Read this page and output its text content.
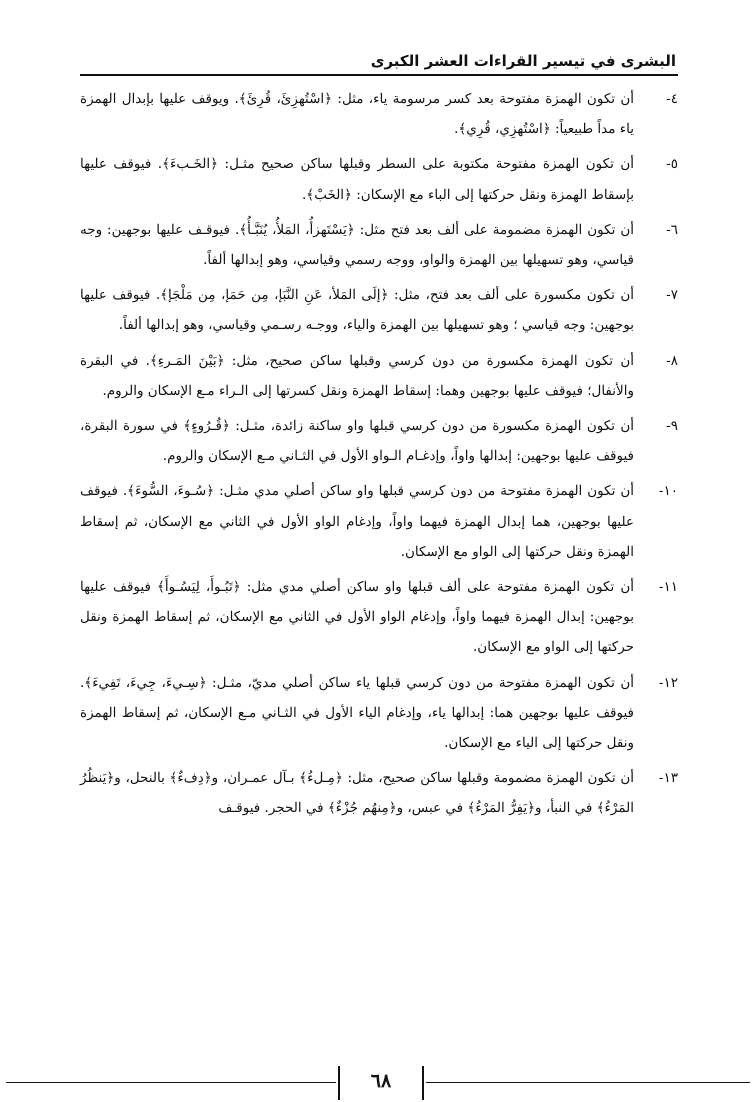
البشرى في تيسير القراءات العشر الكبرى
٤-
أن تكون الهمزة مفتوحة بعد كسر مرسومة ياء، مثل: ﴿اسْتُهزِئَ، قُرِئَ﴾. ويوقف عليها بإبدال الهمزة ياء مداً طبيعياً: ﴿اسْتُهزِي، قُرِي﴾.
٥-
أن تكون الهمزة مفتوحة مكتوبة على السطر وقبلها ساكن صحيح مثـل: ﴿الخَـبءَ﴾. فيوقف عليها بإسقاط الهمزة ونقل حركتها إلى الباء مع الإسكان: ﴿الخَبْ﴾.
٦-
أن تكون الهمزة مضمومة على ألف بعد فتح مثل: ﴿يَسْتَهزأُ، المَلأُ، يُنَبَّـأُ﴾. فيوقـف عليها بوجهين: وجه قياسي، وهو تسهيلها بين الهمزة والواو، ووجه رسمي وقياسي، وهو إبدالها ألفاً.
٧-
أن تكون مكسورة على ألف بعد فتح، مثل: ﴿إلَى المَلأ، عَنِ النَّبَإ، مِن حَمَإ، مِن مَلْجَإ﴾. فيوقف عليها بوجهين: وجه قياسي ؛ وهو تسهيلها بين الهمزة والياء، ووجـه رسـمي وقياسي، وهو إبدالها ألفاً.
٨-
أن تكون الهمزة مكسورة من دون كرسي وقبلها ساكن صحيح، مثل: ﴿بَيْنَ المَـرءِ﴾. في البقرة والأنفال؛ فيوقف عليها بوجهين وهما: إسقاط الهمزة ونقل كسرتها إلى الـراء مـع الإسكان والروم.
٩-
أن تكون الهمزة مكسورة من دون كرسي قبلها واو ساكنة زائدة، مثـل: ﴿قُـرُوءٍ﴾ في سورة البقرة، فيوقف عليها بوجهين: إبدالها واواً، وإدغـام الـواو الأول في الثـاني مـع الإسكان والروم.
١٠-
أن تكون الهمزة مفتوحة من دون كرسي قبلها واو ساكن أصلي مدي مثـل: ﴿سُـوءَ، السُّوءَ﴾. فيوقف عليها بوجهين، هما إبدال الهمزة فيهما واواً، وإدغام الواو الأول في الثاني مع الإسكان، ثم إسقاط الهمزة ونقل حركتها إلى الواو مع الإسكان.
١١-
أن تكون الهمزة مفتوحة على ألف قبلها واو ساكن أصلي مدي مثل: ﴿تَبُـوأَ، لِيَسُـوأَ﴾ فيوقف عليها بوجهين: إبدال الهمزة فيهما واواً، وإدغام الواو الأول في الثاني مع الإسكان، ثم إسقاط الهمزة ونقل حركتها إلى الواو مع الإسكان.
١٢-
أن تكون الهمزة مفتوحة من دون كرسي قبلها ياء ساكن أصلي مديّ، مثـل: ﴿سِـيءَ، جِيءَ، تَفِيءَ﴾. فيوقف عليها بوجهين هما: إبدالها ياء، وإدغام الياء الأول في الثـاني مـع الإسكان، ثم إسقاط الهمزة ونقل حركتها إلى الياء مع الإسكان.
١٣-
أن تكون الهمزة مضمومة وقبلها ساكن صحيح، مثل: ﴿مِـلءُ﴾ بـآل عمـران، و﴿دِفءٌ﴾ بالنحل، و﴿يَنظُرُ المَرْءُ﴾ في النبأ، و﴿يَفِرُّ المَرْءُ﴾ في عبس، و﴿مِنهُم جُزْءٌ﴾ في الحجر. فيوقـف
٦٨
